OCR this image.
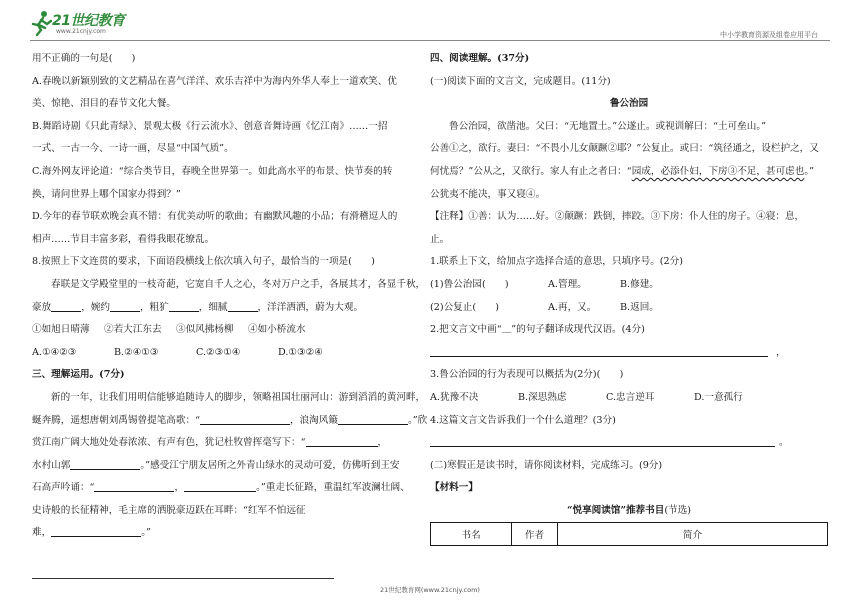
21世纪教育
www.21cnjy.com	中小学教育资源及组卷应用平台
用不正确的一句是(　　)
A.春晚以新颖别致的文艺精品在喜气洋洋、欢乐吉祥中为海内外华人奉上一道欢笑、优
美、惊艳、泪目的春节文化大餐。
B.舞蹈诗剧《只此青绿》、景观太极《行云流水》、创意音舞诗画《忆江南》……一招
一式、一古一今、一诗一画，尽显“中国气质”。
C.海外网友评论道：“综合类节目，春晚全世界第一。如此高水平的布景、快节奏的转
换，请问世界上哪个国家办得到？”
D.今年的春节联欢晚会真不错：有优美动听的歌曲；有幽默风趣的小品；有滑稽逗人的
相声……节目丰富多彩，看得我眼花缭乱。
8.按照上下文连贯的要求，下面语段横线上依次填入句子，最恰当的一项是(　　)
春联是文学殿堂里的一枝奇葩，它宽自千人之心，冬对万户之手，各展其才，各显千秋，
豪放	，婉约	，粗犷	，细腻	，洋洋洒洒，蔚为大观。
①如旭日晴薄	②若大江东去	③似风拂杨柳	④如小桥流水
A.①④②③	B.②④①③	C.②③①④	D.①③②④
三、理解运用。(7分)
新的一年，让我们用明信能够追随诗人的脚步，领略祖国壮丽河山：游到滔滔的黄河畔，
蜒奔腾，遥想唐朝刘禹锡曾提笔高歌：“	，浪淘风簸	。”欣
赏江南广阔大地处处春浓浓、有声有色，犹记杜牧曾挥毫写下：“	，
水村山郭	。”感受江宁朋友居所之外青山绿水的灵动可爱，仿佛听到王安
石高声吟诵：“	，	。”重走长征路，重温红军波澜壮阔、
史诗般的长征精神，毛主席的洒脱豪迈跃在耳畔：“红军不怕远征
难，	。”
四、阅读理解。(37分)
(一)阅读下面的文言文，完成题目。(11分)
鲁公治园
鲁公治园，欲凿池。父曰：“无地置土。”公遂止。或视训解曰：“土可垒山。”
公善①之，欲行。妻曰：“不畏小儿女颠蹶②耶？”公复止。或曰：“筑径通之，设栏护之，又
何忧焉？”公从之，又欲行。家人有止之者曰：“园成，必添仆妇，下房③不足，甚可虑也。”
公犹夷不能决，事又寝④。
【注释】①善：认为……好。②颠蹶：跌倒，摔跤。③下房：仆人住的房子。④寝：息，
止。
1.联系上下文，给加点字选择合适的意思，只填序号。(2分)
(1)鲁公治园(　　)	A.管理。	B.修建。
(2)公复止(　　)	A.再，又。	B.返回。
2.把文言文中画“＿”的句子翻译成现代汉语。(4分)
，
3.鲁公治园的行为表现可以概括为(2分)(　　)
A.犹豫不决	B.深思熟虑	C.忠言逆耳	D.一意孤行
4.这篇文言文告诉我们一个什么道理？(3分)
。
(二)寒假正是读书时，请你阅读材料，完成练习。(9分)
【材料一】
“悦享阅读馆”推荐书目(节选)
书名	作者	简介
21世纪教育网(www.21cnjy.com)
